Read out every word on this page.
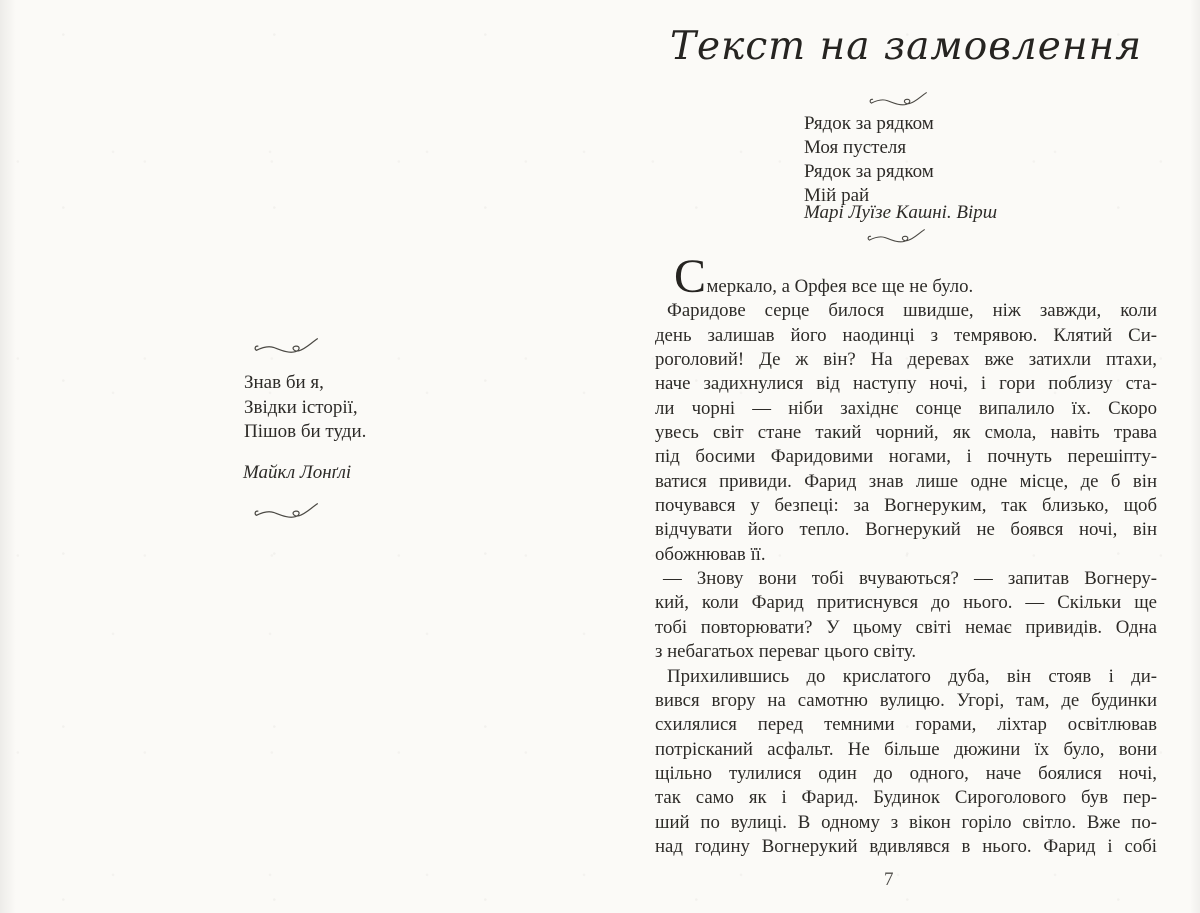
Знав би я,
Звідки історії,
Пішов би туди.
Майкл Лонґлі
Текст на замовлення
Рядок за рядком
Моя пустеля
Рядок за рядком
Мій рай
Марі Луїзе Кашні. Вірш
Смеркало, а Орфея все ще не було.
Фаридове серце билося швидше, ніж завжди, коли
день залишав його наодинці з темрявою. Клятий Си-
роголовий! Де ж він? На деревах вже затихли птахи,
наче задихнулися від наступу ночі, і гори поблизу ста-
ли чорні — ніби західнє сонце випалило їх. Скоро
увесь світ стане такий чорний, як смола, навіть трава
під босими Фаридовими ногами, і почнуть перешіпту-
ватися привиди. Фарид знав лише одне місце, де б він
почувався у безпеці: за Вогнеруким, так близько, щоб
відчувати його тепло. Вогнерукий не боявся ночі, він
обожнював її.
— Знову вони тобі вчуваються? — запитав Вогнеру-
кий, коли Фарид притиснувся до нього. — Скільки ще
тобі повторювати? У цьому світі немає привидів. Одна
з небагатьох переваг цього світу.
Прихилившись до крислатого дуба, він стояв і ди-
вився вгору на самотню вулицю. Угорі, там, де будинки
схилялися перед темними горами, ліхтар освітлював
потрісканий асфальт. Не більше дюжини їх було, вони
щільно тулилися один до одного, наче боялися ночі,
так само як і Фарид. Будинок Сироголового був пер-
ший по вулиці. В одному з вікон горіло світло. Вже по-
над годину Вогнерукий вдивлявся в нього. Фарид і собі
7
